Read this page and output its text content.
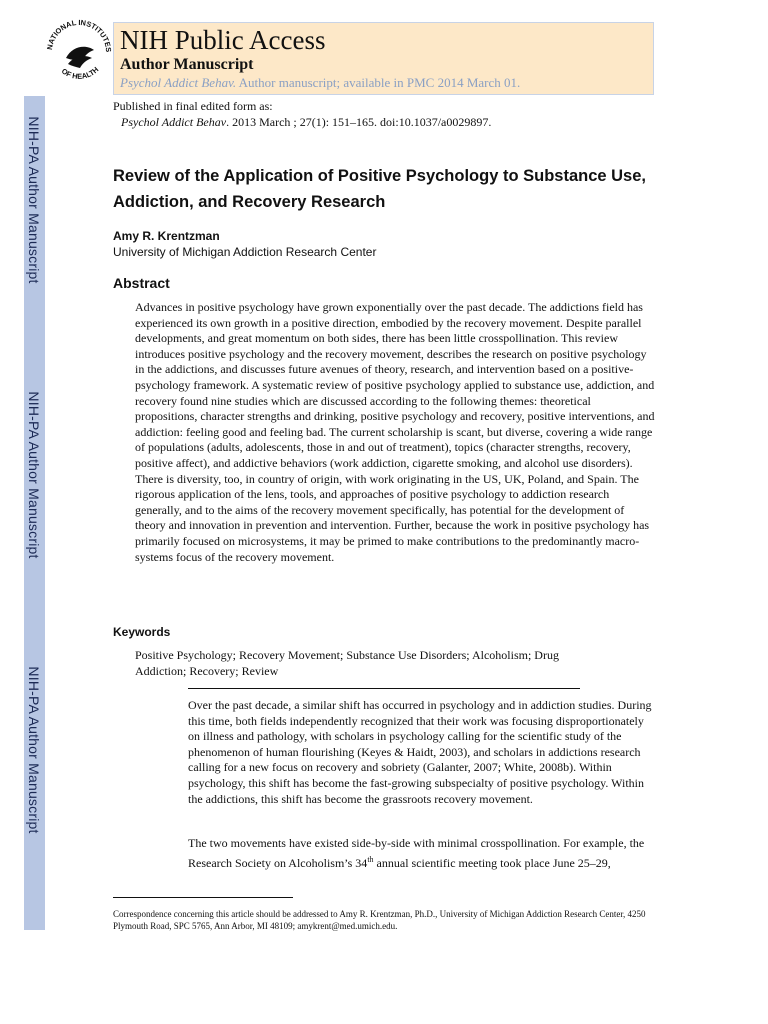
NATIONAL INSTITUTES
OF HEALTH
NIH Public Access
Author Manuscript
Psychol Addict Behav. Author manuscript; available in PMC 2014 March 01.
NIH-PA Author Manuscript
NIH-PA Author Manuscript
NIH-PA Author Manuscript
Published in final edited form as:
Psychol Addict Behav. 2013 March ; 27(1): 151–165. doi:10.1037/a0029897.
Review of the Application of Positive Psychology to Substance Use, Addiction, and Recovery Research
Amy R. Krentzman
University of Michigan Addiction Research Center
Abstract
Advances in positive psychology have grown exponentially over the past decade. The addictions field has experienced its own growth in a positive direction, embodied by the recovery movement. Despite parallel developments, and great momentum on both sides, there has been little crosspollination. This review introduces positive psychology and the recovery movement, describes the research on positive psychology in the addictions, and discusses future avenues of theory, research, and intervention based on a positive-psychology framework. A systematic review of positive psychology applied to substance use, addiction, and recovery found nine studies which are discussed according to the following themes: theoretical propositions, character strengths and drinking, positive psychology and recovery, positive interventions, and addiction: feeling good and feeling bad. The current scholarship is scant, but diverse, covering a wide range of populations (adults, adolescents, those in and out of treatment), topics (character strengths, recovery, positive affect), and addictive behaviors (work addiction, cigarette smoking, and alcohol use disorders). There is diversity, too, in country of origin, with work originating in the US, UK, Poland, and Spain. The rigorous application of the lens, tools, and approaches of positive psychology to addiction research generally, and to the aims of the recovery movement specifically, has potential for the development of theory and innovation in prevention and intervention. Further, because the work in positive psychology has primarily focused on microsystems, it may be primed to make contributions to the predominantly macro-systems focus of the recovery movement.
Keywords
Positive Psychology; Recovery Movement; Substance Use Disorders; Alcoholism; Drug Addiction; Recovery; Review
Over the past decade, a similar shift has occurred in psychology and in addiction studies. During this time, both fields independently recognized that their work was focusing disproportionately on illness and pathology, with scholars in psychology calling for the scientific study of the phenomenon of human flourishing (Keyes & Haidt, 2003), and scholars in addictions research calling for a new focus on recovery and sobriety (Galanter, 2007; White, 2008b). Within psychology, this shift has become the fast-growing subspecialty of positive psychology. Within the addictions, this shift has become the grassroots recovery movement.
The two movements have existed side-by-side with minimal crosspollination. For example, the Research Society on Alcoholism’s 34th annual scientific meeting took place June 25–29,
Correspondence concerning this article should be addressed to Amy R. Krentzman, Ph.D., University of Michigan Addiction Research Center, 4250 Plymouth Road, SPC 5765, Ann Arbor, MI 48109; amykrent@med.umich.edu.
